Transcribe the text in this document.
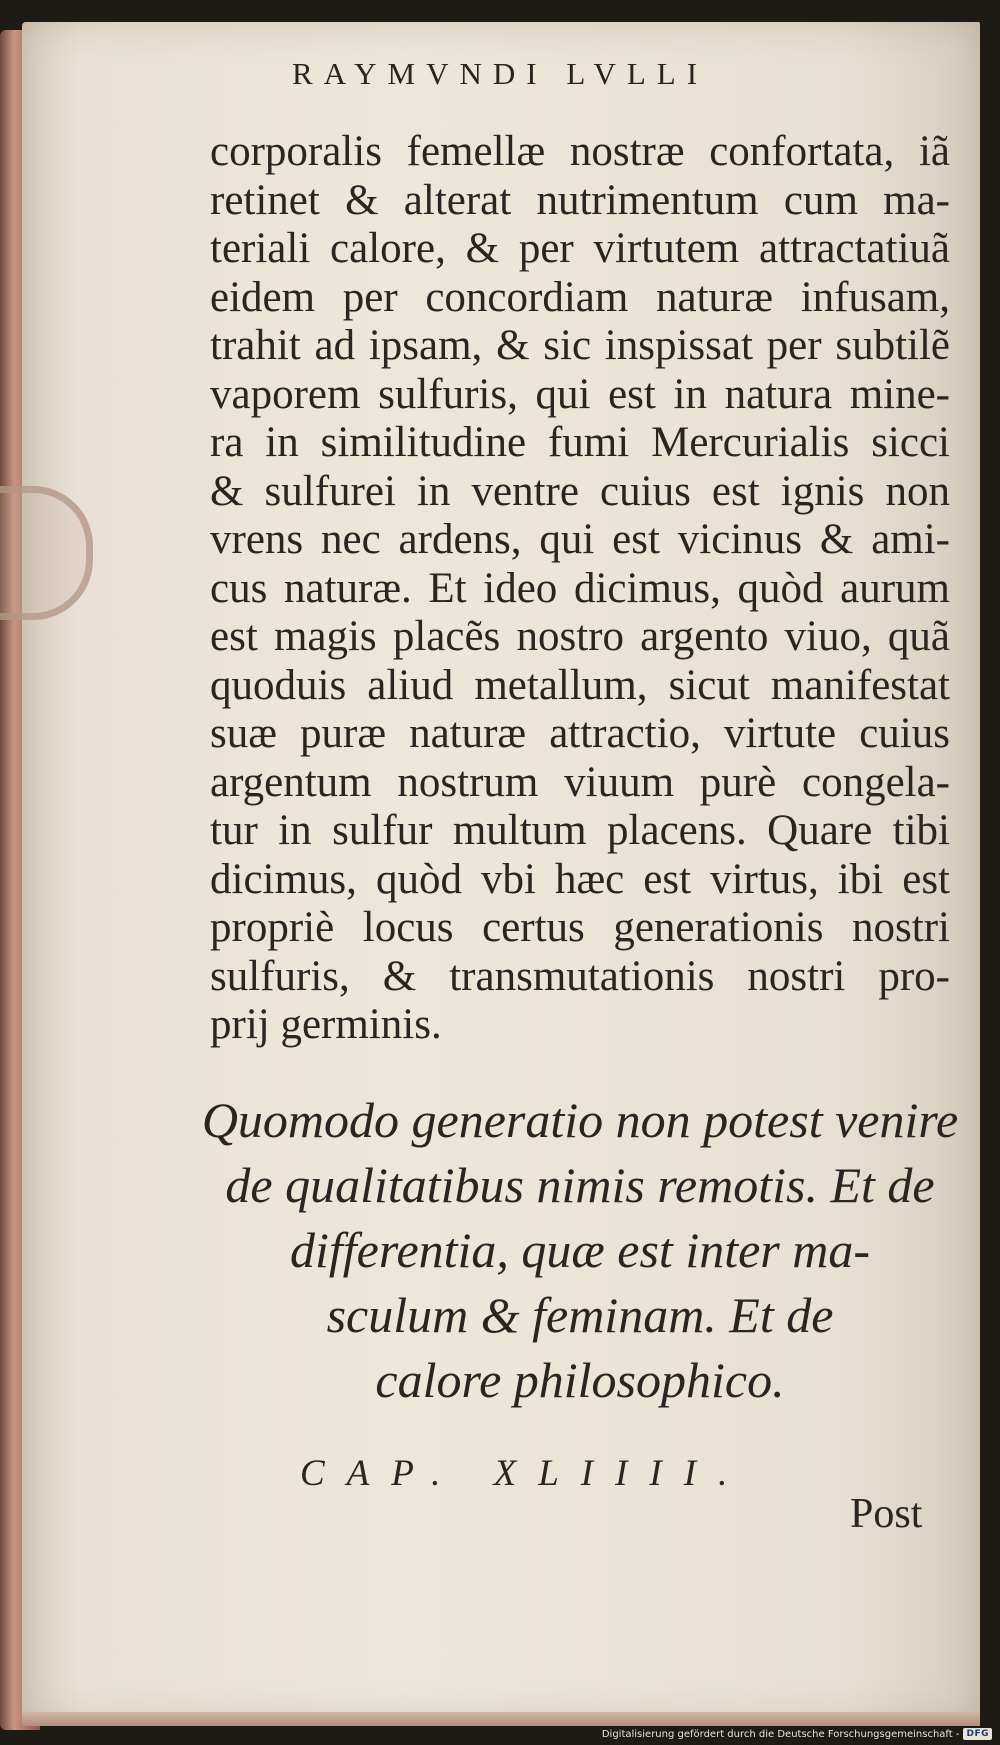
RAYMVNDI LVLLI
corporalis femellæ nostræ confortata, iã
retinet & alterat nutrimentum cum ma-
teriali calore, & per virtutem attractatiuã
eidem per concordiam naturæ infusam,
trahit ad ipsam, & sic inspissat per subtilẽ
vaporem sulfuris, qui est in natura mine-
ra in similitudine fumi Mercurialis sicci
& sulfurei in ventre cuius est ignis non
vrens nec ardens, qui est vicinus & ami-
cus naturæ. Et ideo dicimus, quòd aurum
est magis placẽs nostro argento viuo, quã
quoduis aliud metallum, sicut manifestat
suæ puræ naturæ attractio, virtute cuius
argentum nostrum viuum purè congela-
tur in sulfur multum placens. Quare tibi
dicimus, quòd vbi hæc est virtus, ibi est
propriè locus certus generationis nostri
sulfuris, & transmutationis nostri pro-
prij germinis.
Quomodo generatio non potest venire
de qualitatibus nimis remotis. Et de
differentia, quæ est inter ma-
sculum & feminam. Et de
calore philosophico.
CAP. XLIIII.
Post
Digitalisierung gefördert durch die Deutsche Forschungsgemeinschaft - DFG
